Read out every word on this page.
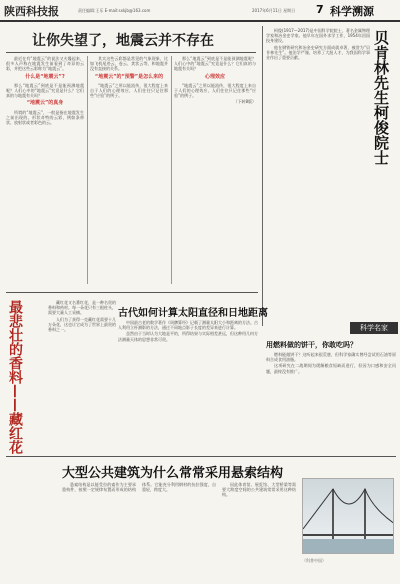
陕西科技报	责任编辑:王乐 E-mail:sxkjb@163.com	2017年6月11日 星期日 7 科学溯源
让你失望了，地震云并不存在

最近在有“地震云”的说法又火爆起来，很多人声称在地震发生前看到了奇异的云彩，并把这些云彩称为“地震云”。

什么是“地震云”?

那么“地震云”到底是不是能预测地震呢？人们心中的“地震云”究竟是什么？它们真的与地震有关吗？

“地震云”的真身

所谓的“地震云”，一般是指在地震发生之前出现的、形状奇特的云彩，例如条带状、放射状或者彩色的云。

其实这些云彩都是常见的气象现象，比如飞机尾迹云、卷云、荚状云等，和地震并没有直接的关系。

“地震云”的“预警”是怎么来的

“地震云”之所以能流传，很大程度上来自于人们的心理效应，人们往往只记住那些“应验”的例子。

那么“地震云”到底是不是能预测地震呢？人们心中的“地震云”究竟是什么？它们真的与地震有关吗？

心理效应

“地震云”之所以能流传，很大程度上来自于人们的心理效应，人们往往只记住那些“应验”的例子。

（下转8版）

柯俊(1917—2017)是中国科学院院士，著名金属物理学家和冶金史学家。他早年在国外求学工作，1954年回国投身建设。

他在钢铁研究和冶金史研究方面成就卓著，被誉为“贝肯林先生”。他治学严谨，培养了大批人才，为我国科学事业作出了重要贡献。	贝肯林先生柯俊院士
科学名家
最悲壮的香料——藏红花	藏红花又名番红花，是一种名贵的香料和药材。每一朵花只有三根柱头，需要大量人工采摘。

人们为了获得一克藏红花需要十几万朵花，这也让它成为了世界上最贵的香料之一。

古代如何计算太阳直径和日地距离

中国最古老的数学著作《周髀算经》记载了测量太阳大小和距离的方法。古人利用立杆测影的方法，通过不同地点影子长度的差异来进行计算。

虽然由于当时认为大地是平的，所得结果与实际相差甚远，但这种用几何方法测量天体的思想非常可贵。

用燃料做的饼干，你敢吃吗？

燃料能做饼干？这听起来很荒唐，但科学家确实曾经尝试用石油等原料合成食用油脂。

这项研究在二战期间为缓解粮食短缺而进行，但因为口感和安全问题，最终没有推广。

大型公共建筑为什么常常采用悬索结构

悬索结构是以能受拉的索作为主要承重构件，按照一定规律布置而形成的结构体系。它能充分利用钢材的抗拉强度，自重轻，跨度大。

因此体育馆、展览馆、大型桥梁等需要大跨度空间的公共建筑常常采用这种结构。

（科普中国）
